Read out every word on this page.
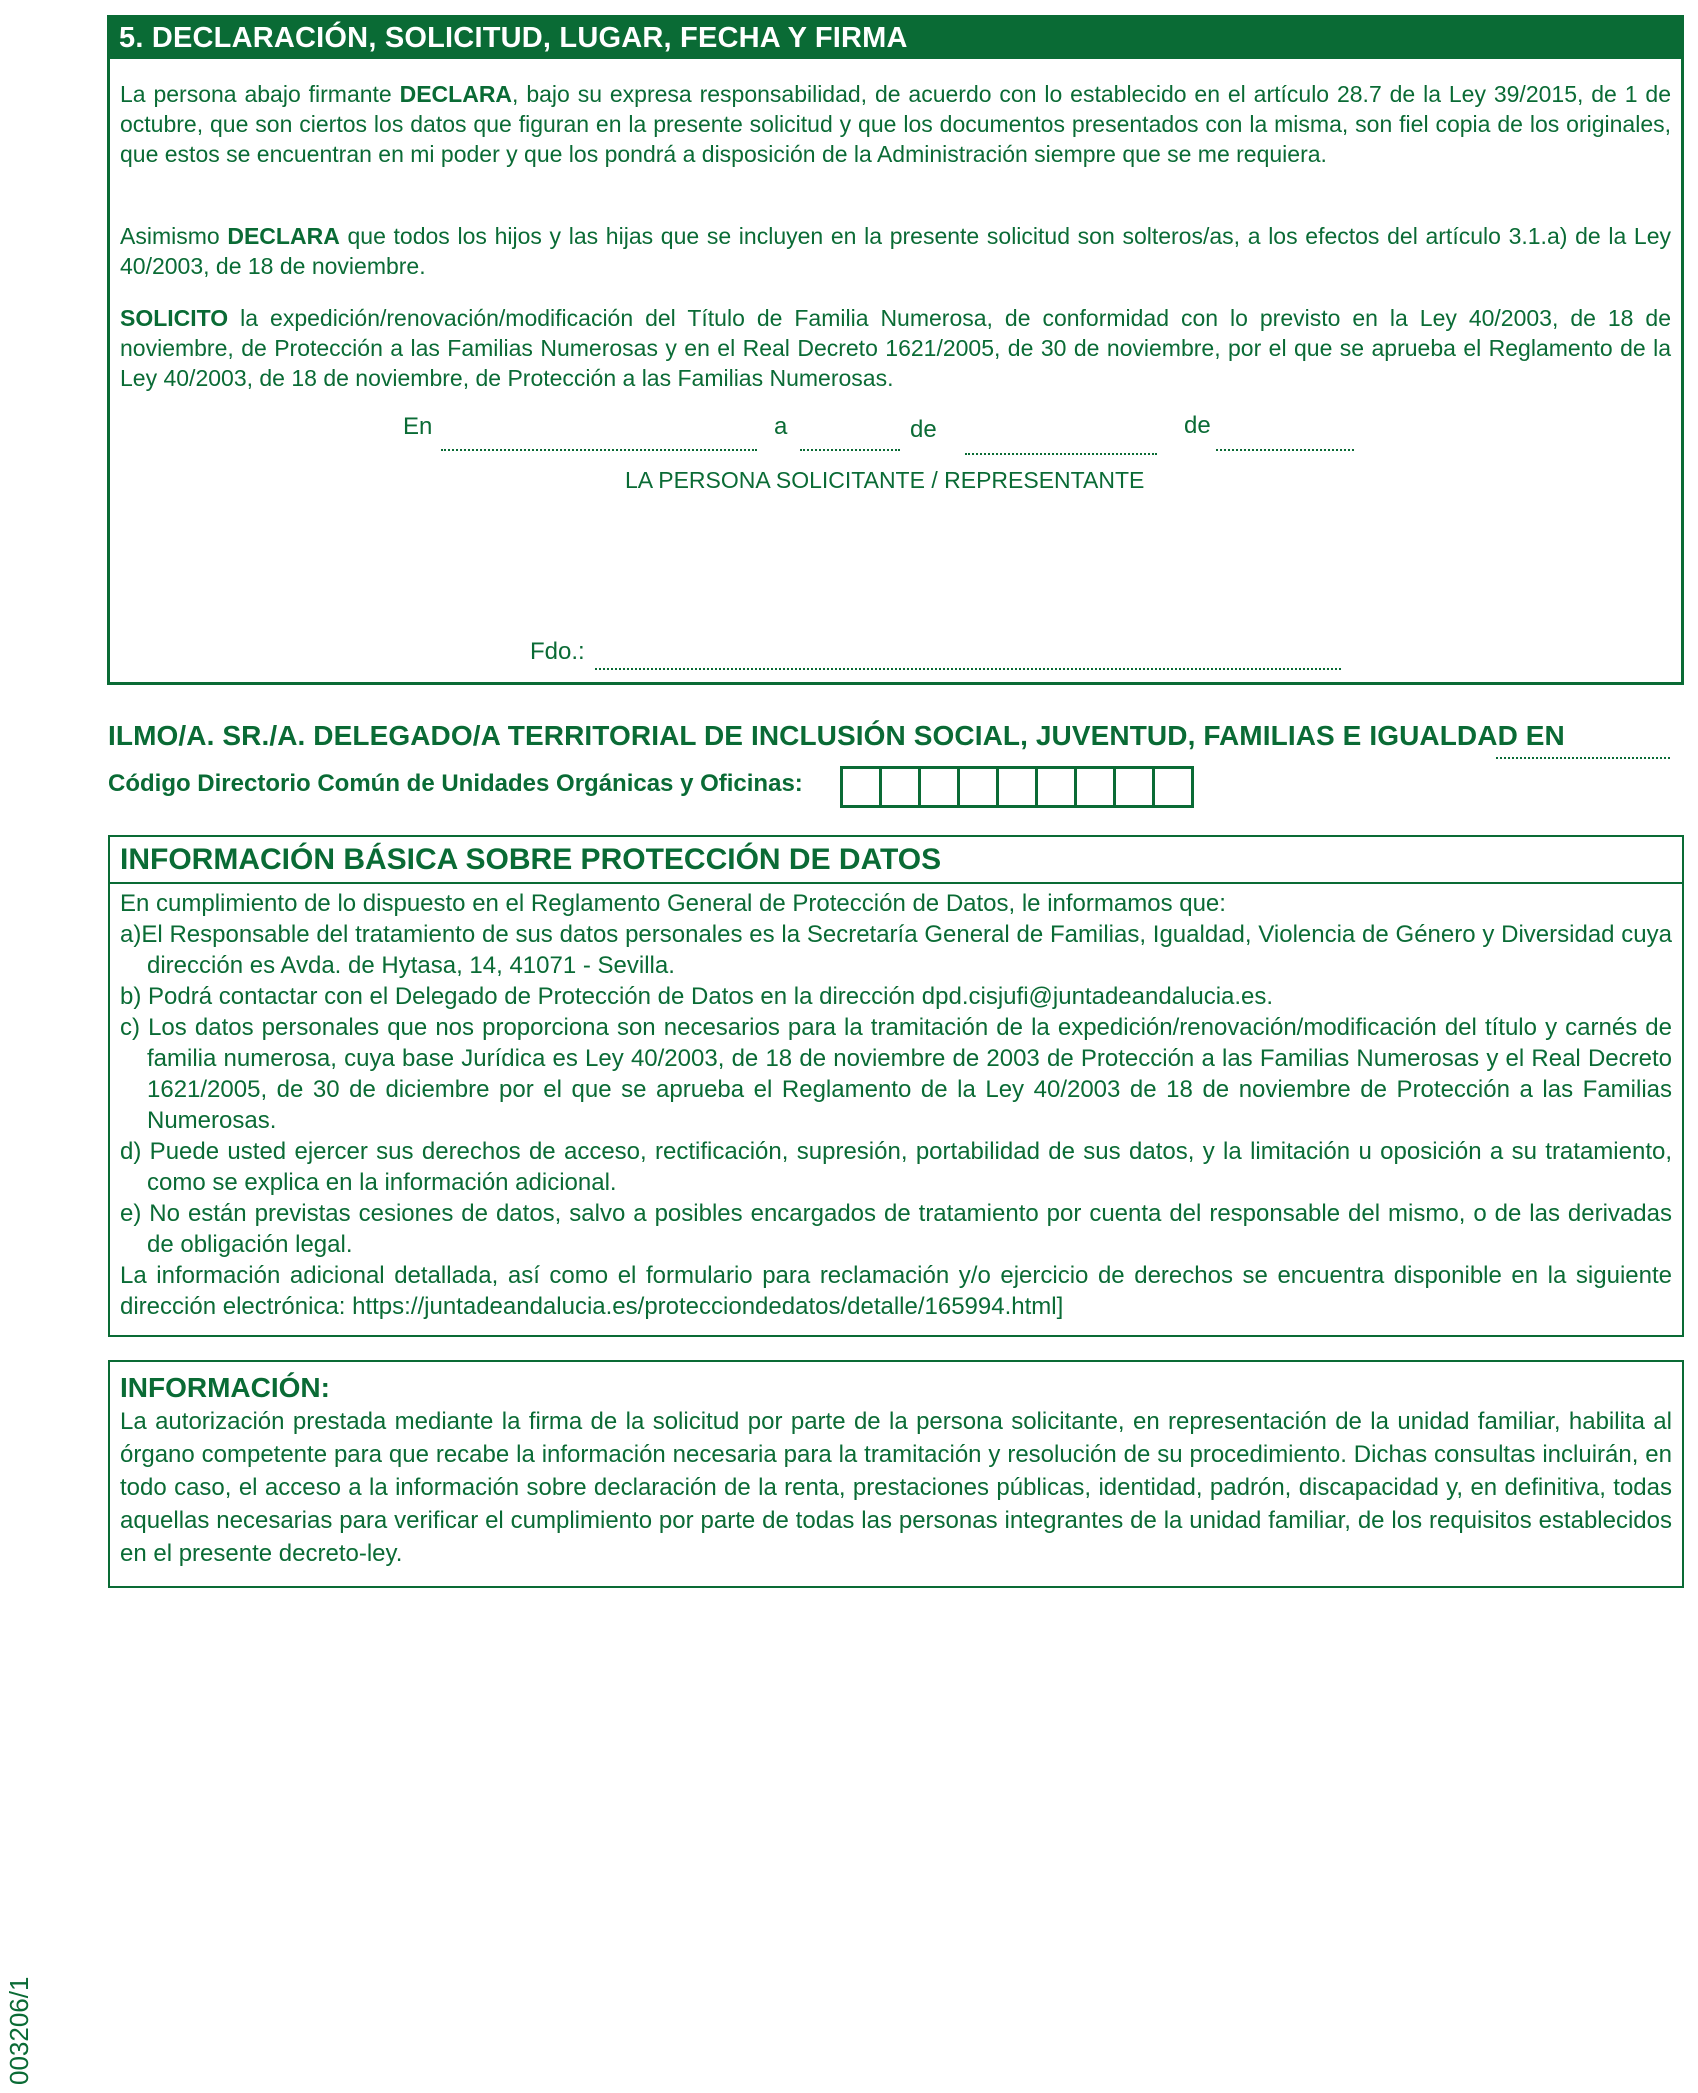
5. DECLARACIÓN, SOLICITUD, LUGAR, FECHA Y FIRMA
La persona abajo firmante DECLARA, bajo su expresa responsabilidad, de acuerdo con lo establecido en el artículo 28.7 de la Ley 39/2015, de 1 de octubre, que son ciertos los datos que figuran en la presente solicitud y que los documentos presentados con la misma, son fiel copia de los originales, que estos se encuentran en mi poder y que los pondrá a disposición de la Administración siempre que se me requiera.
Asimismo DECLARA que todos los hijos y las hijas que se incluyen en la presente solicitud son solteros/as, a los efectos del artículo 3.1.a) de la Ley 40/2003, de 18 de noviembre.
SOLICITO la expedición/renovación/modificación del Título de Familia Numerosa, de conformidad con lo previsto en la Ley 40/2003, de 18 de noviembre, de Protección a las Familias Numerosas y en el Real Decreto 1621/2005, de 30 de noviembre, por el que se aprueba el Reglamento de la Ley 40/2003, de 18 de noviembre, de Protección a las Familias Numerosas.
En	a	de	de
LA PERSONA SOLICITANTE / REPRESENTANTE
Fdo.:
ILMO/A. SR./A. DELEGADO/A TERRITORIAL DE INCLUSIÓN SOCIAL, JUVENTUD, FAMILIAS E IGUALDAD EN
Código Directorio Común de Unidades Orgánicas y Oficinas:
INFORMACIÓN BÁSICA SOBRE PROTECCIÓN DE DATOS
En cumplimiento de lo dispuesto en el Reglamento General de Protección de Datos, le informamos que:
a)El Responsable del tratamiento de sus datos personales es la Secretaría General de Familias, Igualdad, Violencia de Género y Diversidad cuya dirección es Avda. de Hytasa, 14, 41071 - Sevilla.
b) Podrá contactar con el Delegado de Protección de Datos en la dirección dpd.cisjufi@juntadeandalucia.es.
c) Los datos personales que nos proporciona son necesarios para la tramitación de la expedición/renovación/modificación del título y carnés de familia numerosa, cuya base Jurídica es Ley 40/2003, de 18 de noviembre de 2003 de Protección a las Familias Numerosas y el Real Decreto 1621/2005, de 30 de diciembre por el que se aprueba el Reglamento de la Ley 40/2003 de 18 de noviembre de Protección a las Familias Numerosas.
d) Puede usted ejercer sus derechos de acceso, rectificación, supresión, portabilidad de sus datos, y la limitación u oposición a su tratamiento, como se explica en la información adicional.
e) No están previstas cesiones de datos, salvo a posibles encargados de tratamiento por cuenta del responsable del mismo, o de las derivadas de obligación legal.
La información adicional detallada, así como el formulario para reclamación y/o ejercicio de derechos se encuentra disponible en la siguiente dirección electrónica: https://juntadeandalucia.es/protecciondedatos/detalle/165994.html]
INFORMACIÓN:
La autorización prestada mediante la firma de la solicitud por parte de la persona solicitante, en representación de la unidad familiar, habilita al órgano competente para que recabe la información necesaria para la tramitación y resolución de su procedimiento. Dichas consultas incluirán, en todo caso, el acceso a la información sobre declaración de la renta, prestaciones públicas, identidad, padrón, discapacidad y, en definitiva, todas aquellas necesarias para verificar el cumplimiento por parte de todas las personas integrantes de la unidad familiar, de los requisitos establecidos en el presente decreto-ley.
003206/1
